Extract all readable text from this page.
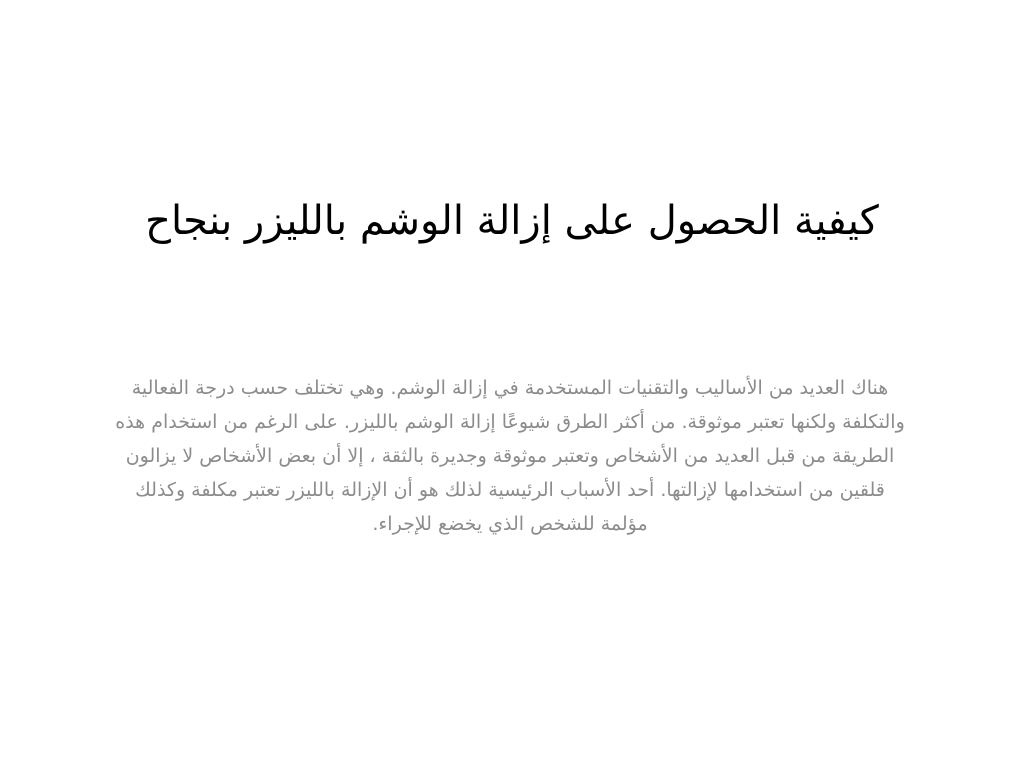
كيفية الحصول على إزالة الوشم بالليزر بنجاح

هناك العديد من الأساليب والتقنيات المستخدمة في إزالة الوشم. وهي تختلف حسب درجة الفعالية والتكلفة ولكنها تعتبر موثوقة. من أكثر الطرق شيوعًا إزالة الوشم بالليزر. على الرغم من استخدام هذه الطريقة من قبل العديد من الأشخاص وتعتبر موثوقة وجديرة بالثقة ، إلا أن بعض الأشخاص لا يزالون قلقين من استخدامها لإزالتها. أحد الأسباب الرئيسية لذلك هو أن الإزالة بالليزر تعتبر مكلفة وكذلك مؤلمة للشخص الذي يخضع للإجراء.
